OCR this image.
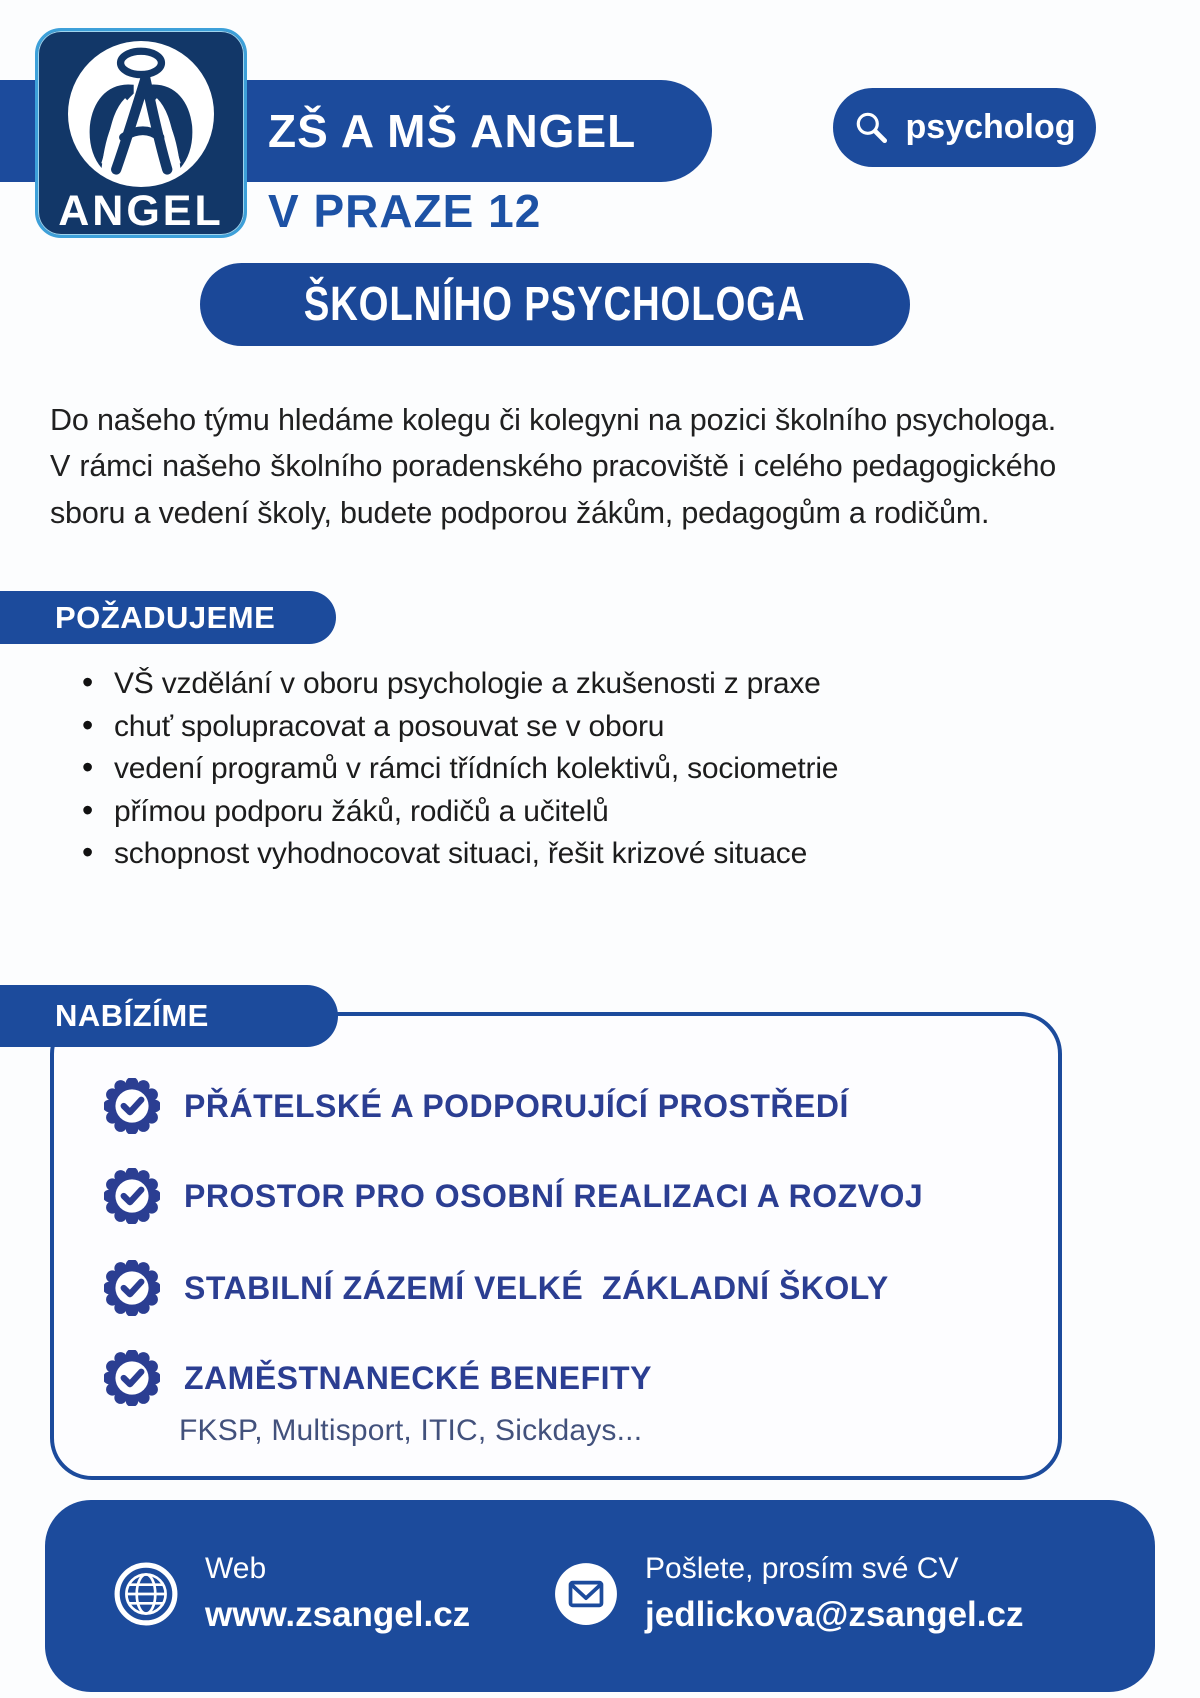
ZŠ A MŠ ANGEL
V PRAZE 12
ANGEL
psycholog
ŠKOLNÍHO PSYCHOLOGA

Do našeho týmu hledáme kolegu či kolegyni na pozici školního psychologa. V rámci našeho školního poradenského pracoviště i celého pedagogického sboru a vedení školy, budete podporou žákům, pedagogům a rodičům.

POŽADUJEME
• VŠ vzdělání v oboru psychologie a zkušenosti z praxe
• chuť spolupracovat a posouvat se v oboru
• vedení programů v rámci třídních kolektivů, sociometrie
• přímou podporu žáků, rodičů a učitelů
• schopnost vyhodnocovat situaci, řešit krizové situace
NABÍZÍME
PŘÁTELSKÉ A PODPORUJÍCÍ PROSTŘEDÍ
PROSTOR PRO OSOBNÍ REALIZACI A ROZVOJ
STABILNÍ ZÁZEMÍ VELKÉ  ZÁKLADNÍ ŠKOLY
ZAMĚSTNANECKÉ BENEFITY
FKSP, Multisport, ITIC, Sickdays...
Web
www.zsangel.cz
Pošlete, prosím své CV
jedlickova@zsangel.cz
